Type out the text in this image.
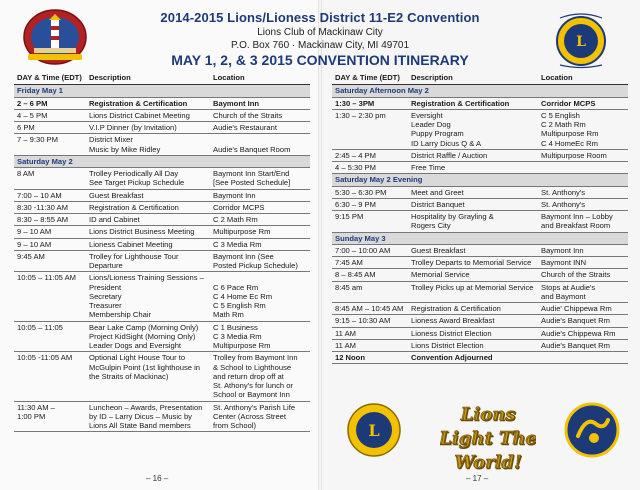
2014-2015 Lions/Lioness District 11-E2 Convention
Lions Club of Mackinaw City
P.O. Box 760 · Mackinaw City, MI 49701
MAY 1, 2, & 3 2015 CONVENTION ITINERARY
L
DAY & Time (EDT)	Description	Location
Friday May 1		
2 – 6 PM	Registration & Certification	Baymont Inn
4 – 5 PM	Lions District Cabinet Meeting	Church of the Straits
6 PM	V.I.P Dinner (by Invitation)	Audie's Restaurant
7 – 9:30 PM	District Mixer
Music by Mike Ridley	Audie's Banquet Room
Saturday May 2		
8 AM	Trolley Periodically All Day
See Target Pickup Schedule	Baymont Inn Start/End
[See Posted Schedule]
7:00 – 10 AM	Guest Breakfast	Baymont Inn
8:30 -11:30 AM	Registration & Certification	Corridor MCPS
8:30 – 8:55 AM	ID and Cabinet	C 2 Math Rm
9 – 10 AM	Lions District Business Meeting	Multipurpose Rm
9 – 10 AM	Lioness Cabinet Meeting	C 3 Media Rm
9:45 AM	Trolley for Lighthouse Tour
Departure	Baymont Inn (See
Posted Pickup Schedule)
10:05 – 11:05 AM	Lions/Lioness Training Sessions –
President
Secretary
Treasurer
Membership Chair	C 6 Pace Rm
C 4 Home Ec Rm
C 5 English Rm
Math Rm
10:05 – 11:05	Bear Lake Camp (Morning Only)
Project KidSight (Morning Only)
Leader Dogs and Eversight	C 1 Business
C 3 Media Rm
Multipurpose Rm
10:05 -11:05 AM	Optional Light House Tour to
McGulpin Point (1st lighthouse in
the Straits of Mackinac)	Trolley from Baymont Inn
& School to Lighthouse
and return drop off at
St. Athony's for lunch or
School or Baymont Inn
11:30 AM –
1:00 PM	Luncheon – Awards, Presentation
by ID – Larry Dicus – Music by
Lions All State Band members	St. Anthony's Parish Life
Center (Across Street
from School)
DAY & Time (EDT)	Description	Location
Saturday Afternoon May 2		
1:30 – 3PM	Registration & Certification	Corridor MCPS
1:30 – 2:30 pm	Eversight
Leader Dog
Puppy Program
ID Larry Dicus Q & A	C 5 English
C 2 Math Rm
Multipurpose Rm
C 4 HomeEc Rm
2:45 – 4 PM	District Raffle / Auction	Multipurpose Room
4 – 5:30 PM	Free Time	
Saturday May 2 Evening		
5:30 – 6:30 PM	Meet and Greet	St. Anthony's
6:30 – 9 PM	District Banquet	St. Anthony's
9:15 PM	Hospitality by Grayling &
Rogers City	Baymont Inn – Lobby
and Breakfast Room
Sunday May 3		
7:00 – 10:00 AM	Guest Breakfast	Baymont Inn
7:45 AM	Trolley Departs to Memorial Service	Baymont INN
8 – 8:45 AM	Memorial Service	Church of the Straits
8:45 am	Trolley Picks up at Memorial Service	Stops at Audie's
and Baymont
8:45 AM – 10:45 AM	Registration & Certification	Audie' Chippewa Rm
9:15 – 10:30 AM	Lioness Award Breakfast	Audie's Banquet Rm
11 AM	Lioness District Election	Audie's Chippewa Rm
11 AM	Lions District Election	Audie's Banquet Rm
12 Noon	Convention Adjourned	
L
Lions
Light The
World!
– 16 –	– 17 –
